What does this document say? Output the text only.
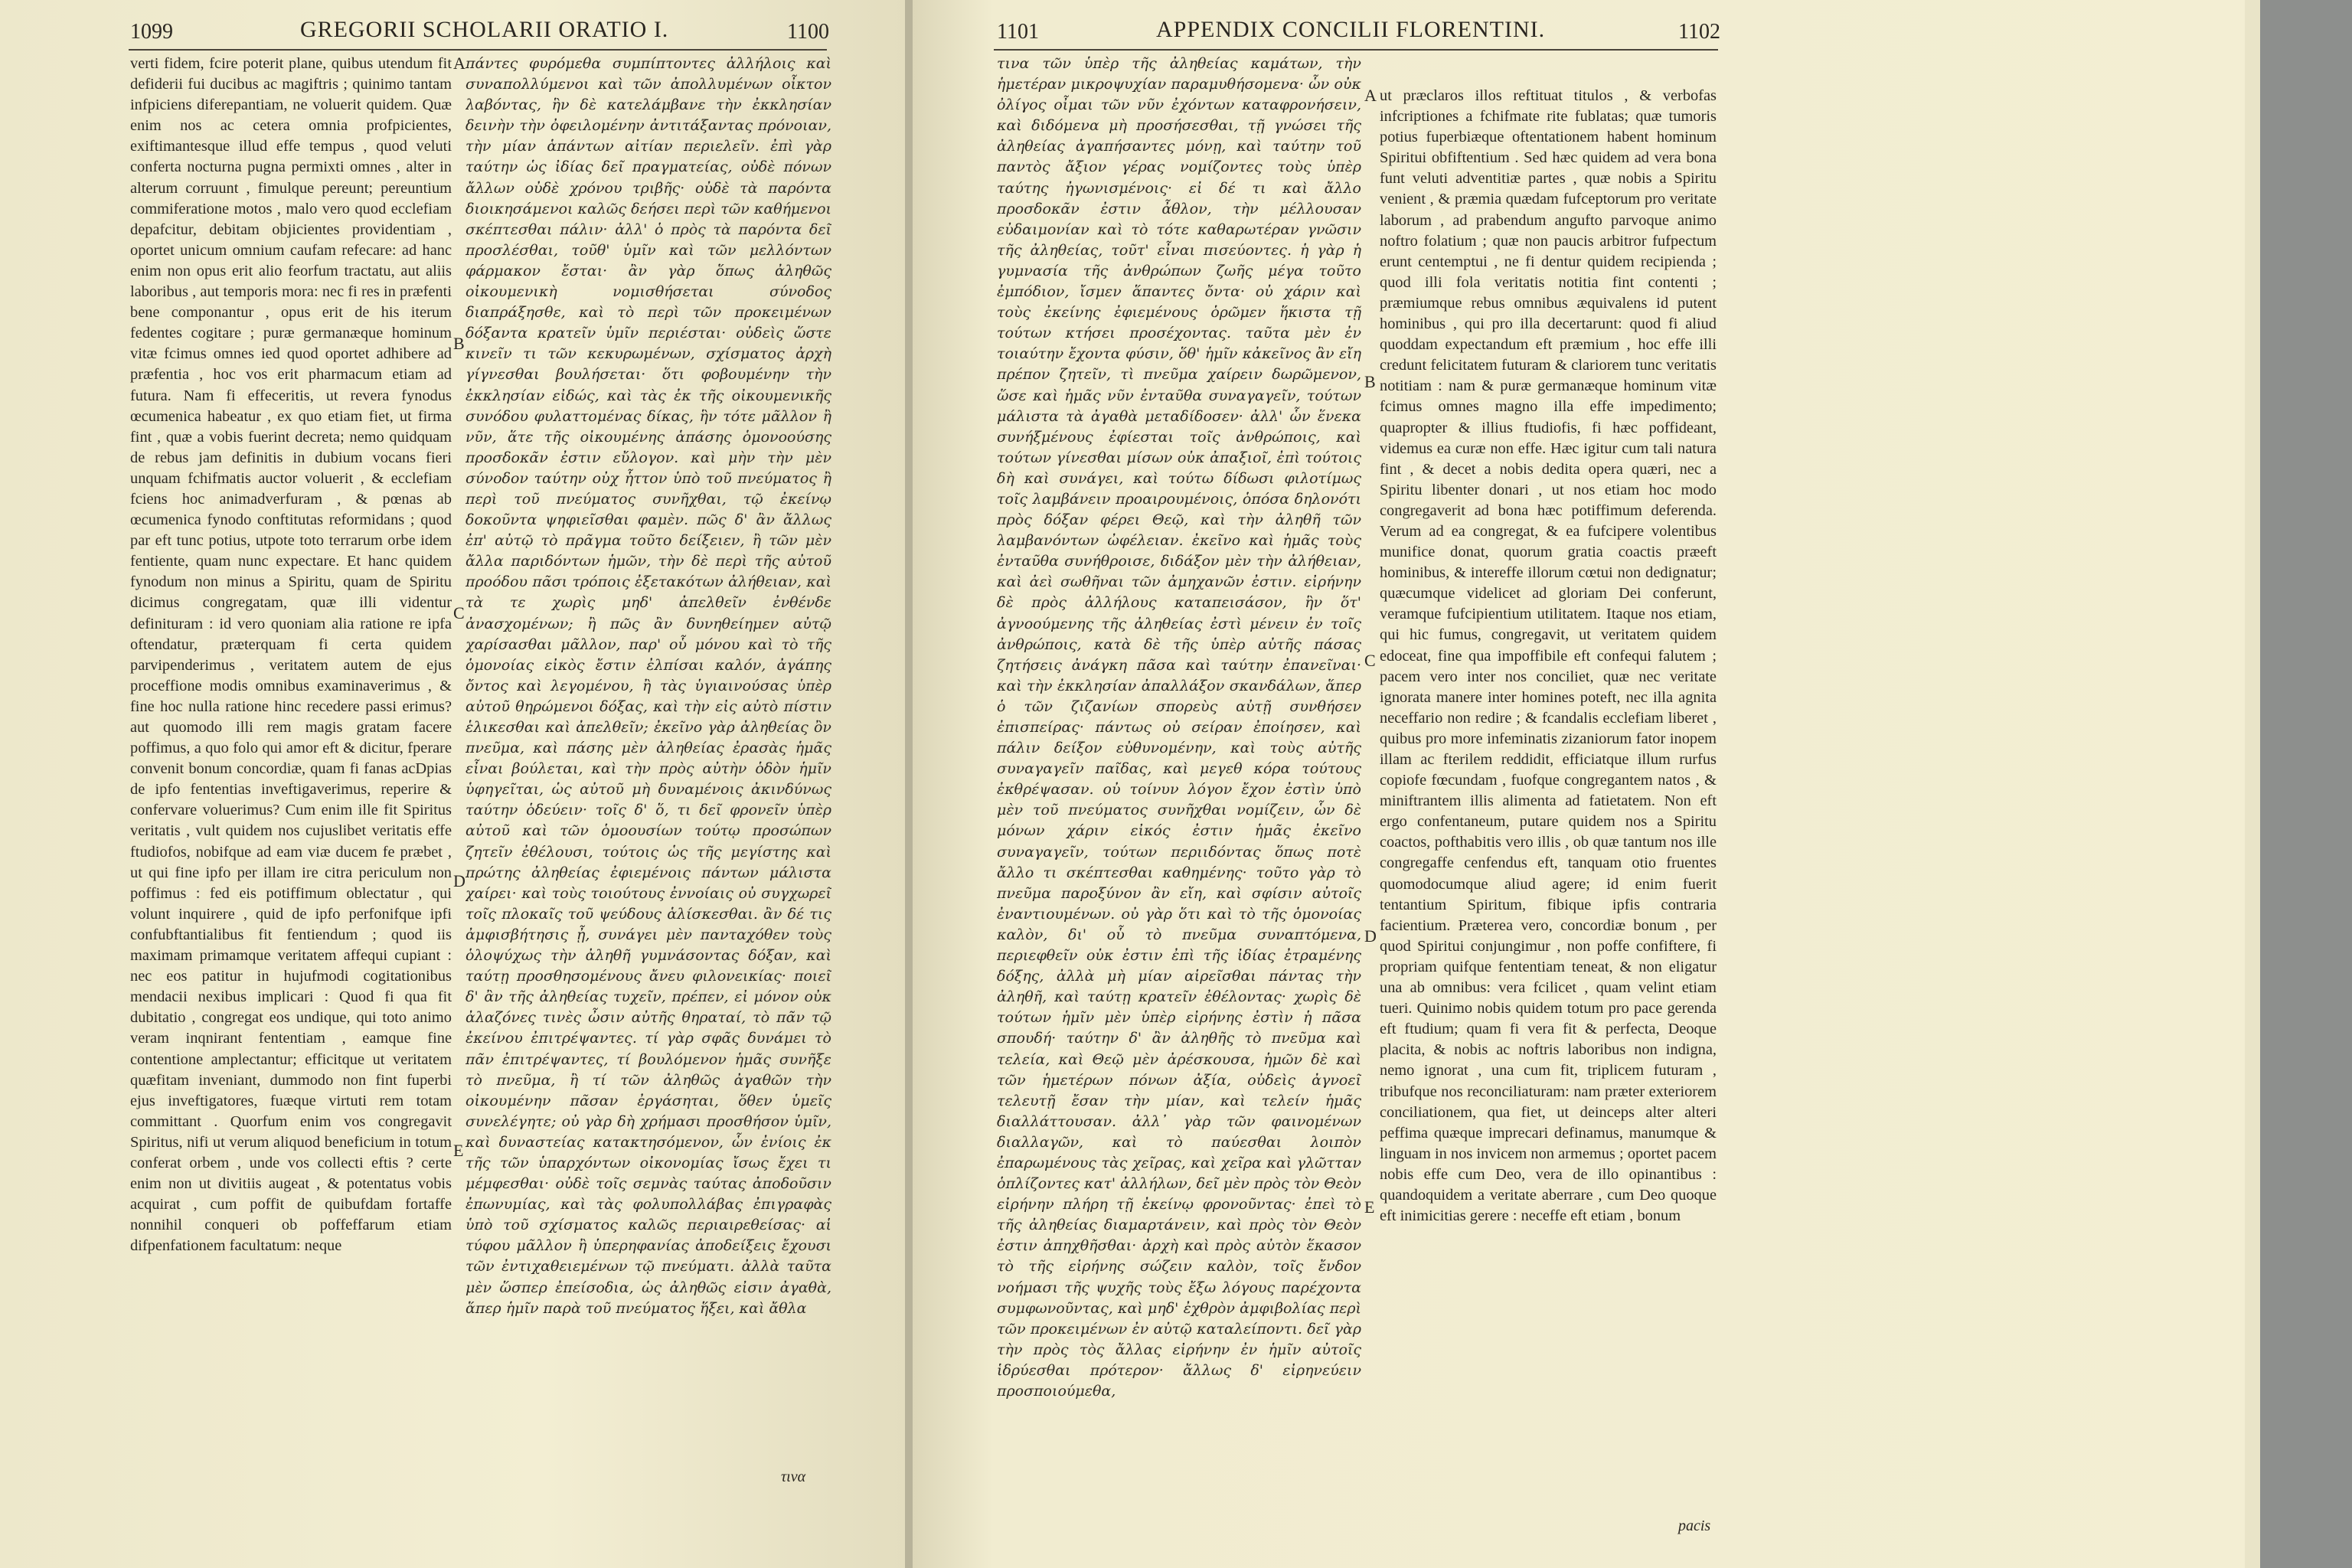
1099	GREGORII SCHOLARII ORATIO I.	1100

verti fidem, fcire poterit plane, quibus utendum fit defiderii fui ducibus ac magiftris ; quinimo tantam infpiciens diferepantiam, ne voluerit quidem. Quæ enim nos ac cetera omnia profpicientes, exiftimantesque illud effe tempus , quod veluti conferta nocturna pugna permixti omnes , alter in alterum corruunt , fimulque pereunt; pereuntium commiferatione motos , malo vero quod ecclefiam depafcitur, debitam objicientes providentiam , oportet unicum omnium caufam refecare: ad hanc enim non opus erit alio feorfum tractatu, aut aliis laboribus , aut temporis mora: nec fi res in præfenti bene componantur , opus erit de his iterum fedentes cogitare ; puræ germanæque hominum vitæ fcimus omnes ied quod oportet adhibere ad præfentia , hoc vos erit pharmacum etiam ad futura. Nam fi effeceritis, ut revera fynodus œcumenica habeatur , ex quo etiam fiet, ut firma fint , quæ a vobis fuerint decreta; nemo quidquam de rebus jam definitis in dubium vocans fieri unquam fchifmatis auctor voluerit , & ecclefiam fciens hoc animadverfuram , & pœnas ab œcumenica fynodo conftitutas reformidans ; quod par eft tunc potius, utpote toto terrarum orbe idem fentiente, quam nunc expectare. Et hanc quidem fynodum non minus a Spiritu, quam de Spiritu dicimus congregatam, quæ illi videntur definituram : id vero quoniam alia ratione re ipfa oftendatur, præterquam fi certa quidem parvipenderimus , veritatem autem de ejus proceffione modis omnibus examinaverimus , & fine hoc nulla ratione hinc recedere passi erimus? aut quomodo illi rem magis gratam facere poffimus, a quo folo qui amor eft & dicitur, fperare convenit bonum concordiæ, quam fi fanas acDpias de ipfo fententias inveftigaverimus, reperire & confervare voluerimus? Cum enim ille fit Spiritus veritatis , vult quidem nos cujuslibet veritatis effe ftudiofos, nobifque ad eam viæ ducem fe præbet , ut qui fine ipfo per illam ire citra periculum non poffimus : fed eis potiffimum oblectatur , qui volunt inquirere , quid de ipfo perfonifque ipfi confubftantialibus fit fentiendum ; quod iis maximam primamque veritatem affequi cupiant : nec eos patitur in hujufmodi cogitationibus mendacii nexibus implicari : Quod fi qua fit dubitatio , congregat eos undique, qui toto animo veram inqnirant fententiam , eamque fine contentione amplectantur; efficitque ut veritatem quæfitam inveniant, dummodo non fint fuperbi ejus inveftigatores, fuæque virtuti rem totam committant . Quorfum enim vos congregavit Spiritus, nifi ut verum aliquod beneficium in totum conferat orbem , unde vos collecti eftis ? certe enim non ut divitiis augeat , & potentatus vobis acquirat , cum poffit de quibufdam fortaffe nonnihil conqueri ob poffeffarum etiam difpenfationem facultatum: neque

A
B
C
D
E

πάντες φυρόμεθα συμπίπτοντες ἀλλήλοις καὶ συναπολλύμενοι καὶ τῶν ἀπολλυμένων οἶκτον λαβόντας, ἣν δὲ κατελάμβανε τὴν ἐκκλησίαν δεινὴν τὴν ὀφειλομένην ἀντιτάξαντας πρόνοιαν, τὴν μίαν ἁπάντων αἰτίαν περιελεῖν. ἐπὶ γὰρ ταύτην ὡς ἰδίας δεῖ πραγματείας, οὐδὲ πόνων ἄλλων οὐδὲ χρόνου τριβῆς· οὐδὲ τὰ παρόντα διοικησάμενοι καλῶς δεήσει περὶ τῶν καθήμενοι σκέπτεσθαι πάλιν· ἀλλ' ὁ πρὸς τὰ παρόντα δεῖ προσλέσθαι, τοῦθ' ὑμῖν καὶ τῶν μελλόντων φάρμακον ἔσται· ἂν γὰρ ὅπως ἀληθῶς οἰκουμενικὴ νομισθήσεται σύνοδος διαπράξησθε, καὶ τὸ περὶ τῶν προκειμένων δόξαντα κρατεῖν ὑμῖν περιέσται· οὐδεὶς ὥστε κινεῖν τι τῶν κεκυρωμένων, σχίσματος ἀρχὴ γίγνεσθαι βουλήσεται· ὅτι φοβουμένην τὴν ἐκκλησίαν εἰδώς, καὶ τὰς ἐκ τῆς οἰκουμενικῆς συνόδου φυλαττομένας δίκας, ἣν τότε μᾶλλον ἢ νῦν, ἅτε τῆς οἰκουμένης ἁπάσης ὁμονοούσης προσδοκᾶν ἐστιν εὔλογον. καὶ μὴν τὴν μὲν σύνοδον ταύτην οὐχ ἧττον ὑπὸ τοῦ πνεύματος ἢ περὶ τοῦ πνεύματος συνῆχθαι, τῷ ἐκείνῳ δοκοῦντα ψηφιεῖσθαι φαμὲν. πῶς δ' ἂν ἄλλως ἐπ' αὐτῷ τὸ πρᾶγμα τοῦτο δείξειεν, ἢ τῶν μὲν ἄλλα παριδόντων ἡμῶν, τὴν δὲ περὶ τῆς αὐτοῦ προόδου πᾶσι τρόποις ἐξετακότων ἀλήθειαν, καὶ τὰ τε χωρὶς μηδ' ἀπελθεῖν ἐνθένδε ἀνασχομένων; ἢ πῶς ἂν δυνηθείημεν αὐτῷ χαρίσασθαι μᾶλλον, παρ' οὗ μόνου καὶ τὸ τῆς ὁμονοίας εἰκὸς ἔστιν ἐλπίσαι καλόν, ἀγάπης ὄντος καὶ λεγομένου, ἢ τὰς ὑγιαινούσας ὑπὲρ αὐτοῦ θηρώμενοι δόξας, καὶ τὴν εἰς αὐτὸ πίστιν ἑλικεσθαι καὶ ἀπελθεῖν; ἐκεῖνο γὰρ ἀληθείας ὂν πνεῦμα, καὶ πάσης μὲν ἀληθείας ἐρασὰς ἡμᾶς εἶναι βούλεται, καὶ τὴν πρὸς αὐτὴν ὁδὸν ἡμῖν ὑφηγεῖται, ὡς αὐτοῦ μὴ δυναμένοις ἀκινδύνως ταύτην ὁδεύειν· τοῖς δ' ὅ, τι δεῖ φρονεῖν ὑπὲρ αὐτοῦ καὶ τῶν ὁμοουσίων τούτῳ προσώπων ζητεῖν ἐθέλουσι, τούτοις ὡς τῆς μεγίστης καὶ πρώτης ἀληθείας ἐφιεμένοις πάντων μάλιστα χαίρει· καὶ τοὺς τοιούτους ἐννοίαις οὐ συγχωρεῖ τοῖς πλοκαῖς τοῦ ψεύδους ἁλίσκεσθαι. ἂν δέ τις ἀμφισβήτησις ᾖ, συνάγει μὲν πανταχόθεν τοὺς ὁλοψύχως τὴν ἀληθῆ γυμνάσοντας δόξαν, καὶ ταύτῃ προσθησομένους ἄνευ φιλονεικίας· ποιεῖ δ' ἂν τῆς ἀληθείας τυχεῖν, πρέπεν, εἰ μόνον οὐκ ἀλαζόνες τινὲς ὦσιν αὐτῆς θηραταί, τὸ πᾶν τῷ ἐκείνου ἐπιτρέψαντες. τί γὰρ σφᾶς δυνάμει τὸ πᾶν ἐπιτρέψαντες, τί βουλόμενον ἡμᾶς συνῆξε τὸ πνεῦμα, ἢ τί τῶν ἀληθῶς ἀγαθῶν τὴν οἰκουμένην πᾶσαν ἐργάσηται, ὅθεν ὑμεῖς συνελέγητε; οὐ γὰρ δὴ χρήμασι προσθήσον ὑμῖν, καὶ δυναστείας κατακτησόμενον, ὧν ἐνίοις ἐκ τῆς τῶν ὑπαρχόντων οἰκονομίας ἴσως ἔχει τι μέμφεσθαι· οὐδὲ τοῖς σεμνὰς ταύτας ἀποδοῦσιν ἐπωνυμίας, καὶ τὰς φολυπολλάβας ἐπιγραφὰς ὑπὸ τοῦ σχίσματος καλῶς περιαιρεθείσας· αἱ τύφου μᾶλλον ἢ ὑπερηφανίας ἀποδείξεις ἔχουσι τῶν ἐντιχαθειεμένων τῷ πνεύματι. ἀλλὰ ταῦτα μὲν ὥσπερ ἐπείσοδια, ὡς ἀληθῶς εἰσιν ἀγαθὰ, ἅπερ ἡμῖν παρὰ τοῦ πνεύματος ἥξει, καὶ ἄθλα

τινα
1101	APPENDIX CONCILII FLORENTINI.	1102

τινα τῶν ὑπὲρ τῆς ἀληθείας καμάτων, τὴν ἡμετέραν μικροψυχίαν παραμυθήσομενα· ὧν οὐκ ὀλίγος οἶμαι τῶν νῦν ἐχόντων καταφρονήσειν, καὶ διδόμενα μὴ προσήσεσθαι, τῇ γνώσει τῆς ἀληθείας ἀγαπήσαντες μόνῃ, καὶ ταύτην τοῦ παντὸς ἄξιον γέρας νομίζοντες τοὺς ὑπὲρ ταύτης ἠγωνισμένοις· εἰ δέ τι καὶ ἄλλο προσδοκᾶν ἐστιν ἆθλον, τὴν μέλλουσαν εὐδαιμονίαν καὶ τὸ τότε καθαρωτέραν γνῶσιν τῆς ἀληθείας, τοῦτ' εἶναι πισεύοντες. ἡ γὰρ ἡ γυμνασία τῆς ἀνθρώπων ζωῆς μέγα τοῦτο ἐμπόδιον, ἴσμεν ἅπαντες ὄντα· οὐ χάριν καὶ τοὺς ἐκείνης ἐφιεμένους ὁρῶμεν ἥκιστα τῇ τούτων κτήσει προσέχοντας. ταῦτα μὲν ἐν τοιαύτην ἔχοντα φύσιν, ὅθ' ἡμῖν κἀκεῖνος ἂν εἴη πρέπον ζητεῖν, τὶ πνεῦμα χαίρειν δωρῶμενον, ὥσε καὶ ἡμᾶς νῦν ἐνταῦθα συναγαγεῖν, τούτων μάλιστα τὰ ἀγαθὰ μεταδίδοσεν· ἀλλ' ὧν ἕνεκα συνήξμένους ἐφίεσται τοῖς ἀνθρώποις, καὶ τούτων γίνεσθαι μίσων οὐκ ἀπαξιοῖ, ἐπὶ τούτοις δὴ καὶ συνάγει, καὶ τούτω δίδωσι φιλοτίμως τοῖς λαμβάνειν προαιρουμένοις, ὁπόσα δηλονότι πρὸς δόξαν φέρει Θεῷ, καὶ τὴν ἀληθῆ τῶν λαμβανόντων ὠφέλειαν. ἐκεῖνο καὶ ἡμᾶς τοὺς ἐνταῦθα συνήθροισε, διδάξον μὲν τὴν ἀλήθειαν, καὶ ἀεὶ σωθῆναι τῶν ἀμηχανῶν ἐστιν. εἰρήνην δὲ πρὸς ἀλλήλους καταπεισάσον, ἣν ὅτ' ἀγνοούμενης τῆς ἀληθείας ἐστὶ μένειν ἐν τοῖς ἀνθρώποις, κατὰ δὲ τῆς ὑπὲρ αὐτῆς πάσας ζητήσεις ἀνάγκη πᾶσα καὶ ταύτην ἐπανεῖναι· καὶ τὴν ἐκκλησίαν ἀπαλλάξον σκανδάλων, ἅπερ ὁ τῶν ζιζανίων σπορεὺς αὐτῇ συνθήσεν ἐπισπείρας· πάντως οὐ σείραν ἐποίησεν, καὶ πάλιν δείξον εὐθυνομένην, καὶ τοὺς αὐτῆς συναγαγεῖν παῖδας, καὶ μεγεθ κόρα τούτους ἐκθρέψασαν. οὐ τοίνυν λόγον ἔχον ἐστὶν ὑπὸ μὲν τοῦ πνεύματος συνῆχθαι νομίζειν, ὧν δὲ μόνων χάριν εἰκός ἐστιν ἡμᾶς ἐκεῖνο συναγαγεῖν, τούτων περιιδόντας ὅπως ποτὲ ἄλλο τι σκέπτεσθαι καθημένης· τοῦτο γὰρ τὸ πνεῦμα παροξύνον ἂν εἴη, καὶ σφίσιν αὐτοῖς ἐναντιουμένων. οὐ γὰρ ὅτι καὶ τὸ τῆς ὁμονοίας καλὸν, δι' οὗ τὸ πνεῦμα συναπτόμενα, περιεφθεῖν οὐκ ἐστιν ἐπὶ τῆς ἰδίας ἐτραμένης δόξης, ἀλλὰ μὴ μίαν αἱρεῖσθαι πάντας τὴν ἀληθῆ, καὶ ταύτῃ κρατεῖν ἐθέλοντας· χωρὶς δὲ τούτων ἡμῖν μὲν ὑπὲρ εἰρήνης ἐστὶν ἡ πᾶσα σπουδή· ταύτην δ' ἂν ἀληθῆς τὸ πνεῦμα καὶ τελεία, καὶ Θεῷ μὲν ἀρέσκουσα, ἡμῶν δὲ καὶ τῶν ἡμετέρων πόνων ἀξία, οὐδεὶς ἀγνοεῖ τελευτῇ ἔσαν τὴν μίαν, καὶ τελείν ἡμᾶς διαλλάττουσαν. ἀλλ᾽ γὰρ τῶν φαινομένων διαλλαγῶν, καὶ τὸ παύεσθαι λοιπὸν ἐπαρωμένους τὰς χεῖρας, καὶ χεῖρα καὶ γλῶτταν ὁπλίζοντες κατ' ἀλλήλων, δεῖ μὲν πρὸς τὸν Θεὸν εἰρήνην πλήρη τῇ ἐκείνῳ φρονοῦντας· ἐπεὶ τὸ τῆς ἀληθείας διαμαρτάνειν, καὶ πρὸς τὸν Θεὸν ἐστιν ἀπηχθῆσθαι· ἀρχὴ καὶ πρὸς αὐτὸν ἕκασον τὸ τῆς εἰρήνης σώζειν καλὸν, τοῖς ἔνδον νοήμασι τῆς ψυχῆς τοὺς ἔξω λόγους παρέχοντα συμφωνοῦντας, καὶ μηδ' ἐχθρὸν ἀμφιβολίας περὶ τῶν προκειμένων ἐν αὐτῷ καταλείποντι. δεῖ γὰρ τὴν πρὸς τὸς ἄλλας εἰρήνην ἐν ἡμῖν αὐτοῖς ἱδρύεσθαι πρότερον· ἄλλως δ' εἰρηνεύειν προσποιούμεθα,

A
B
C
D
E

ut præclaros illos reftituat titulos , & verbofas infcriptiones a fchifmate rite fublatas; quæ tumoris potius fuperbiæque oftentationem habent hominum Spiritui obfiftentium . Sed hæc quidem ad vera bona funt veluti adventitiæ partes , quæ nobis a Spiritu venient , & præmia quædam fufceptorum pro veritate laborum , ad prabendum angufto parvoque animo noftro folatium ; quæ non paucis arbitror fufpectum erunt centemptui , ne fi dentur quidem recipienda ; quod illi fola veritatis notitia fint contenti ; præmiumque rebus omnibus æquivalens id putent hominibus , qui pro illa decertarunt: quod fi aliud quoddam expectandum eft præmium , hoc effe illi credunt felicitatem futuram & clariorem tunc veritatis notitiam : nam & puræ germanæque hominum vitæ fcimus omnes magno illa effe impedimento; quapropter & illius ftudiofis, fi hæc poffideant, videmus ea curæ non effe. Hæc igitur cum tali natura fint , & decet a nobis dedita opera quæri, nec a Spiritu libenter donari , ut nos etiam hoc modo congregaverit ad bona hæc potiffimum deferenda. Verum ad ea congregat, & ea fufcipere volentibus munifice donat, quorum gratia coactis præeft hominibus, & intereffe illorum cœtui non dedignatur; quæcumque videlicet ad gloriam Dei conferunt, veramque fufcipientium utilitatem. Itaque nos etiam, qui hic fumus, congregavit, ut veritatem quidem edoceat, fine qua impoffibile eft confequi falutem ; pacem vero inter nos conciliet, quæ nec veritate ignorata manere inter homines poteft, nec illa agnita neceffario non redire ; & fcandalis ecclefiam liberet , quibus pro more infeminatis zizaniorum fator inopem illam ac fterilem reddidit, efficiatque illum rurfus copiofe fœcundam , fuofque congregantem natos , & miniftrantem illis alimenta ad fatietatem. Non eft ergo confentaneum, putare quidem nos a Spiritu coactos, pofthabitis vero illis , ob quæ tantum nos ille congregaffe cenfendus eft, tanquam otio fruentes quomodocumque aliud agere; id enim fuerit tentantium Spiritum, fibique ipfis contraria facientium. Præterea vero, concordiæ bonum , per quod Spiritui conjungimur , non poffe confiftere, fi propriam quifque fententiam teneat, & non eligatur una ab omnibus: vera fcilicet , quam velint etiam tueri. Quinimo nobis quidem totum pro pace gerenda eft ftudium; quam fi vera fit & perfecta, Deoque placita, & nobis ac noftris laboribus non indigna, nemo ignorat , una cum fit, triplicem futuram , tribufque nos reconciliaturam: nam præter exteriorem conciliationem, qua fiet, ut deinceps alter alteri peffima quæque imprecari definamus, manumque & linguam in nos invicem non armemus ; oportet pacem nobis effe cum Deo, vera de illo opinantibus : quandoquidem a veritate aberrare , cum Deo quoque eft inimicitias gerere : neceffe eft etiam , bonum

pacis
